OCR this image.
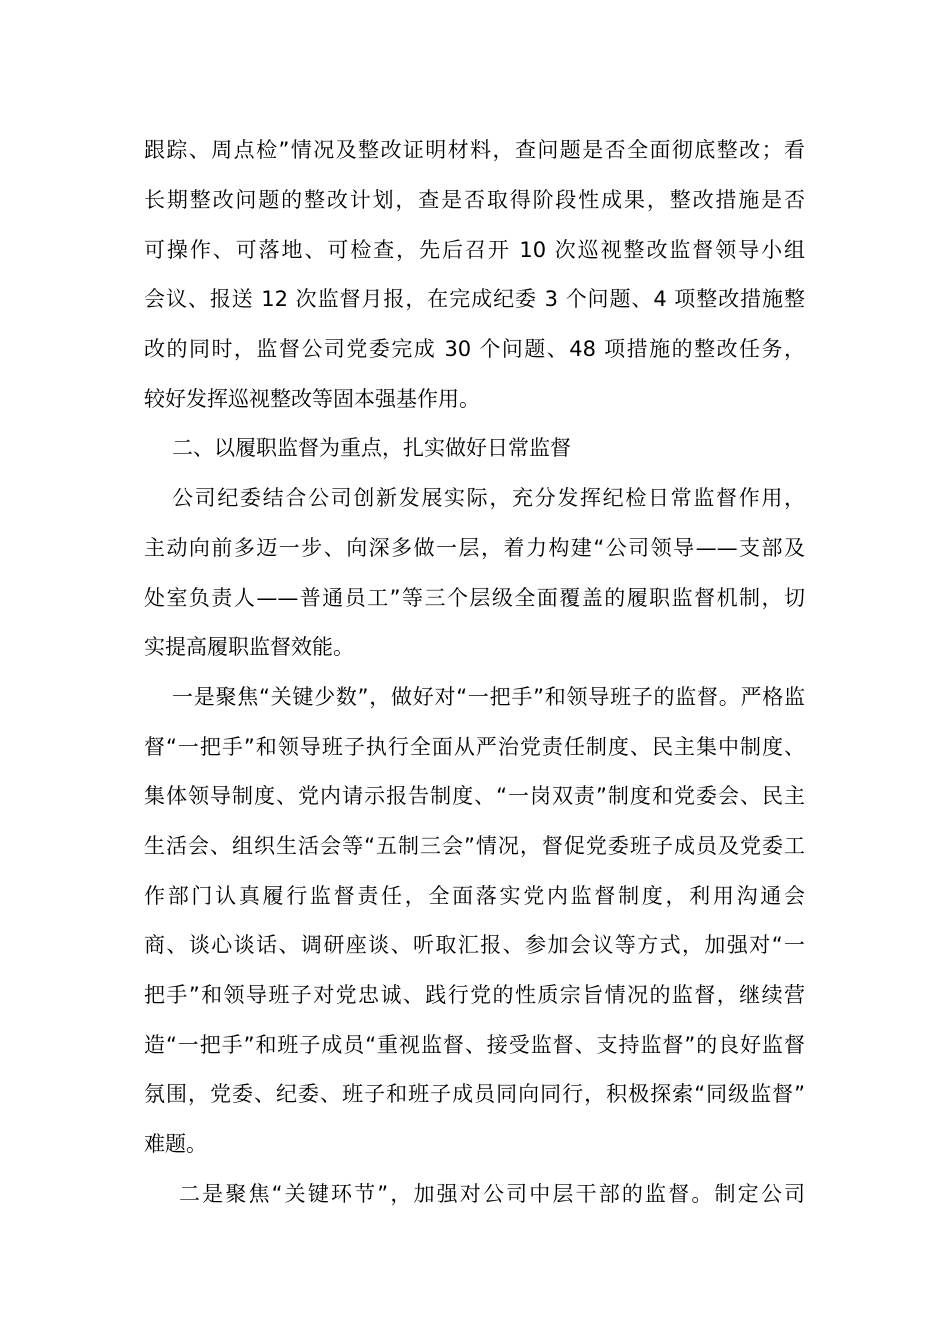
跟踪、周点检”情况及整改证明材料，查问题是否全面彻底整改；看
长期整改问题的整改计划，查是否取得阶段性成果，整改措施是否
可操作、可落地、可检查，先后召开 10 次巡视整改监督领导小组
会议、报送 12 次监督月报，在完成纪委 3 个问题、4 项整改措施整
改的同时，监督公司党委完成 30 个问题、48 项措施的整改任务，
较好发挥巡视整改等固本强基作用。
二、以履职监督为重点，扎实做好日常监督
公司纪委结合公司创新发展实际，充分发挥纪检日常监督作用，
主动向前多迈一步、向深多做一层，着力构建“公司领导——支部及
处室负责人——普通员工”等三个层级全面覆盖的履职监督机制，切
实提高履职监督效能。
一是聚焦“关键少数”，做好对“一把手”和领导班子的监督。严格监
督“一把手”和领导班子执行全面从严治党责任制度、民主集中制度、
集体领导制度、党内请示报告制度、“一岗双责”制度和党委会、民主
生活会、组织生活会等“五制三会”情况，督促党委班子成员及党委工
作部门认真履行监督责任，全面落实党内监督制度，利用沟通会
商、谈心谈话、调研座谈、听取汇报、参加会议等方式，加强对“一
把手”和领导班子对党忠诚、践行党的性质宗旨情况的监督，继续营
造“一把手”和班子成员“重视监督、接受监督、支持监督”的良好监督
氛围，党委、纪委、班子和班子成员同向同行，积极探索“同级监督”
难题。
二是聚焦“关键环节”，加强对公司中层干部的监督。制定公司
